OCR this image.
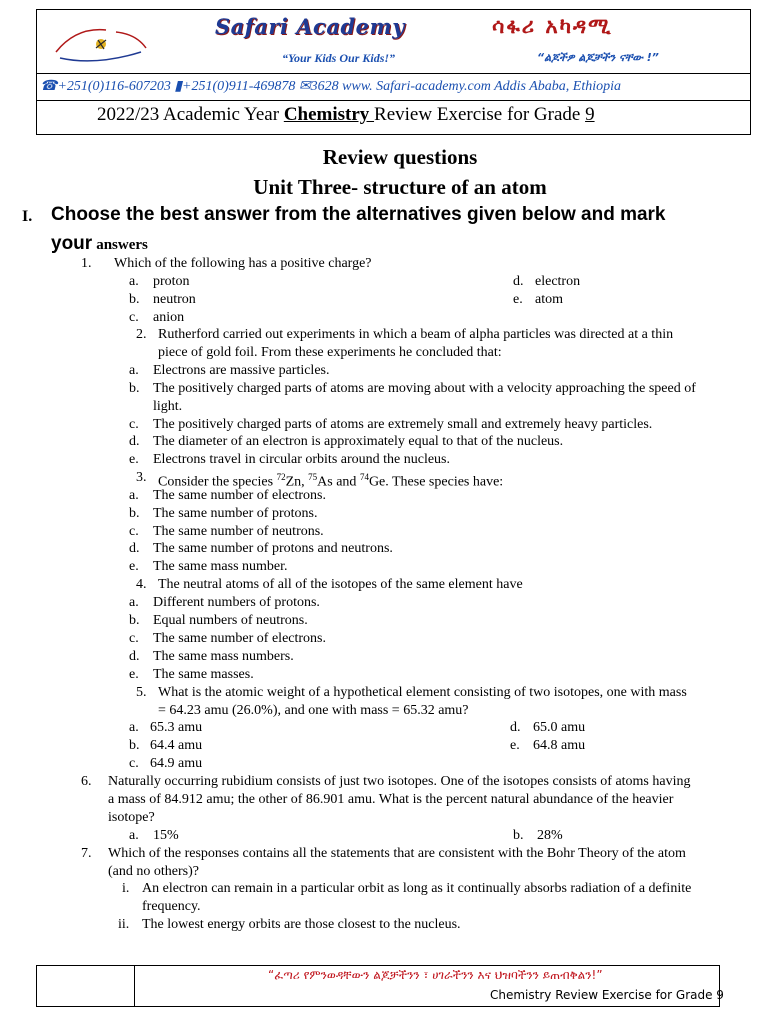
Safari Academy	ሳፋሪ አካዳሚ
“Your Kids Our Kids!”	“ልጆችዎ ልጆቻችን ናቸው !”
☎+251(0)116-607203 ▮+251(0)911-469878 ✉3628 www. Safari-academy.com Addis Ababa, Ethiopia
2022/23 Academic Year Chemistry Review Exercise for Grade 9
Review questions
Unit Three- structure of an atom
I. Choose the best answer from the alternatives given below and mark
your answers
1. Which of the following has a positive charge?
a. proton
b. neutron
c. anion
d. electron
e. atom
2. Rutherford carried out experiments in which a beam of alpha particles was directed at a thin
piece of gold foil. From these experiments he concluded that:
a. Electrons are massive particles.
b. The positively charged parts of atoms are moving about with a velocity approaching the speed of
light.
c. The positively charged parts of atoms are extremely small and extremely heavy particles.
d. The diameter of an electron is approximately equal to that of the nucleus.
e. Electrons travel in circular orbits around the nucleus.
3. Consider the species $^{72}$Zn, $^{75}$As and $^{74}$Ge. These species have:
a. The same number of electrons.
b. The same number of protons.
c. The same number of neutrons.
d. The same number of protons and neutrons.
e. The same mass number.
4. The neutral atoms of all of the isotopes of the same element have
a. Different numbers of protons.
b. Equal numbers of neutrons.
c. The same number of electrons.
d. The same mass numbers.
e. The same masses.
5. What is the atomic weight of a hypothetical element consisting of two isotopes, one with mass
= 64.23 amu (26.0%), and one with mass = 65.32 amu?
a. 65.3 amu
b. 64.4 amu
c. 64.9 amu
d. 65.0 amu
e. 64.8 amu
6. Naturally occurring rubidium consists of just two isotopes. One of the isotopes consists of atoms having
a mass of 84.912 amu; the other of 86.901 amu. What is the percent natural abundance of the heavier
isotope?
a. 15%	b. 28%
7. Which of the responses contains all the statements that are consistent with the Bohr Theory of the atom
(and no others)?
i. An electron can remain in a particular orbit as long as it continually absorbs radiation of a definite
frequency.
ii. The lowest energy orbits are those closest to the nucleus.
“ፈጣሪ የምንወዳቸውን ልጆቻችንን ፣ ሀገራችንን እና ህዝባችንን ይጠብቅልን!”
Chemistry Review Exercise for Grade 9
